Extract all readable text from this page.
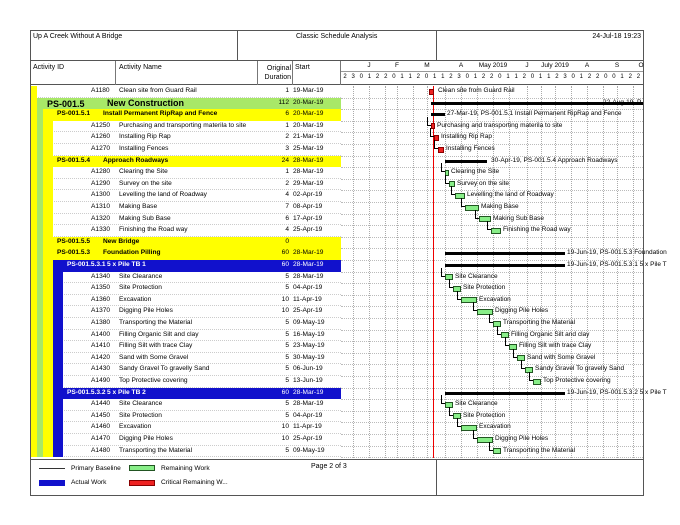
Up A Creek Without A Bridge	Classic Schedule Analysis	24-Jul-18 19:23
Activity ID	Activity Name	Original Duration
Start	J	F	M	A May 2019	J July 2019 A	S	O
2 3 0 1 2 2 0 1 1 2 0 1 1 2 3 0 1 2 2 0 1 1 2 0 1 1 2 3 0 1 2 2 0 0 1 2 2
A1180 Clean site from Guard Rail	1 19-Mar-19
PS-001.5 New Construction	112 20-Mar-19
PS-001.5.1 Install Permanent RipRap and Fence	6 20-Mar-19
A1250 Purchasing and transporting materila to site	1 20-Mar-19
A1260 Installing Rip Rap	2 21-Mar-19
A1270 Installing Fences	3 25-Mar-19
PS-001.5.4 Approach Roadways	24 28-Mar-19
A1280 Clearing the Site	1 28-Mar-19
A1290 Survey on the site	2 29-Mar-19
A1300 Levelling the land of Roadway	4 02-Apr-19
A1310 Making Base	7 08-Apr-19
A1320 Making Sub Base	6 17-Apr-19
A1330 Finishing the Road way	4 25-Apr-19
PS-001.5.5 New Bridge	0
PS-001.5.3 Foundation Pilling	60 28-Mar-19
PS-001.5.3.1 5 x Pile TB 1	60 28-Mar-19
A1340 Site Clearance	5 28-Mar-19
A1350 Site Protection	5 04-Apr-19
A1360 Excavation	10 11-Apr-19
A1370 Digging Pile Holes	10 25-Apr-19
A1380 Transporting the Material	5 09-May-19
A1400 Filling Organic Silt and clay	5 16-May-19
A1410 Filling Silt with trace Clay	5 23-May-19
A1420 Sand with Some Gravel	5 30-May-19
A1430 Sandy Gravel To gravelly Sand	5 06-Jun-19
A1490 Top Protective covering	5 13-Jun-19
PS-001.5.3.2 5 x Pile TB 2	60 28-Mar-19
A1440 Site Clearance	5 28-Mar-19
A1450 Site Protection	5 04-Apr-19
A1460 Excavation	10 11-Apr-19
A1470 Digging Pile Holes	10 25-Apr-19
A1480 Transporting the Material	5 09-May-19
Clean site from Guard Rail
22-Aug-19, P
27-Mar-19, PS-001.5.1 Install Permanent RipRap and Fence
Purchasing and transporting materila to site
Installing Rip Rap
Installing Fences
30-Apr-19, PS-001.5.4 Approach Roadways
Clearing the Site
Survey on the site
Levelling the land of Roadway
Making Base
Making Sub Base
Finishing the Road way
19-Jun-19, PS-001.5.3 Foundation
19-Jun-19, PS-001.5.3.1 5 x Pile T
Site Clearance
Site Protection
Excavation
Digging Pile Holes
Transporting the Material
Filling Organic Silt and clay
Filling Silt with trace Clay
Sand with Some Gravel
Sandy Gravel To gravelly Sand
Top Protective covering
19-Jun-19, PS-001.5.3.2 5 x Pile T
Site Clearance
Site Protection
Excavation
Digging Pile Holes
Transporting the Material
Primary Baseline	Remaining Work
Actual Work	Critical Remaining W...
Page 2 of 3
